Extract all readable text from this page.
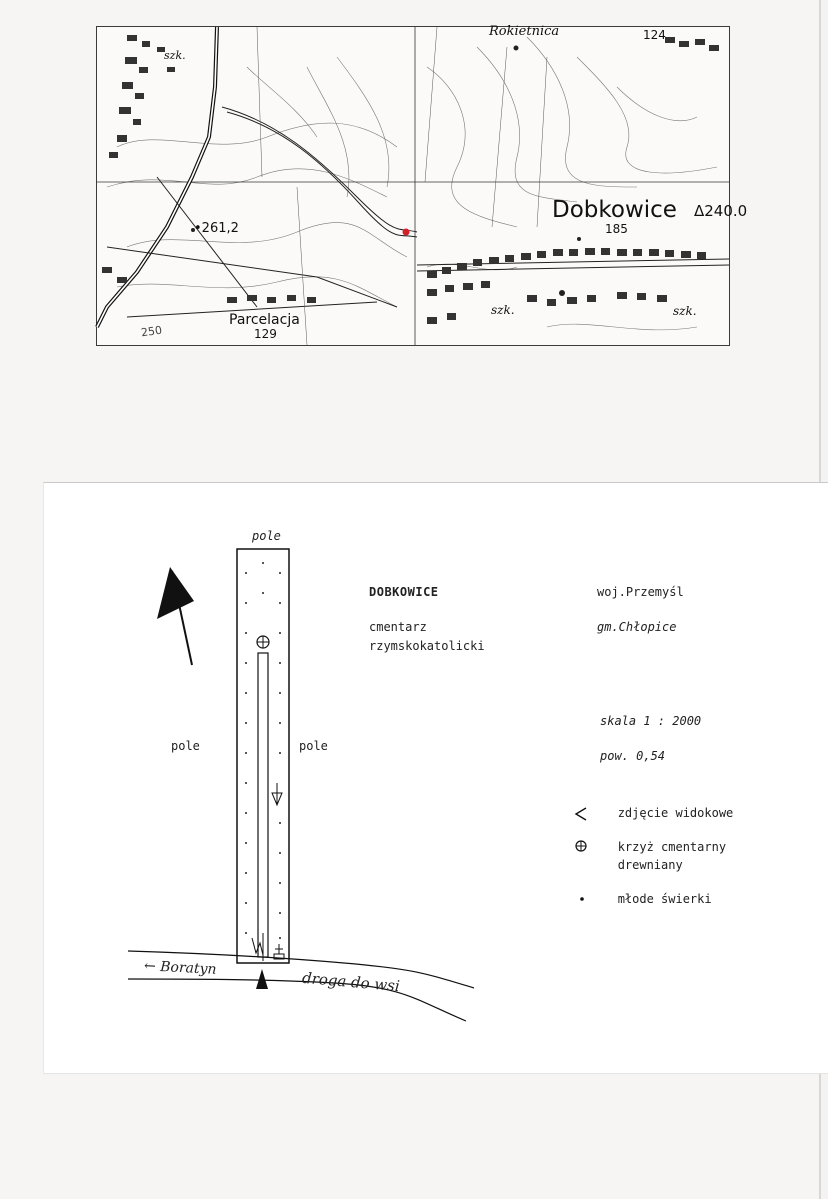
Rokietnica	124
Dobkowice Δ240.0
•261,2	185
Parcelacja
129
250
szk.	szk.
szk.
pole
pole	pole
DOBKOWICE
cmentarz
rzymskokatolicki
woj.Przemyśl
gm.Chłopice
skala 1 : 2000
pow. 0,54
zdjęcie widokowe
krzyż cmentarny
drewniany
młode świerki
← Boratyn
droga do wsi
